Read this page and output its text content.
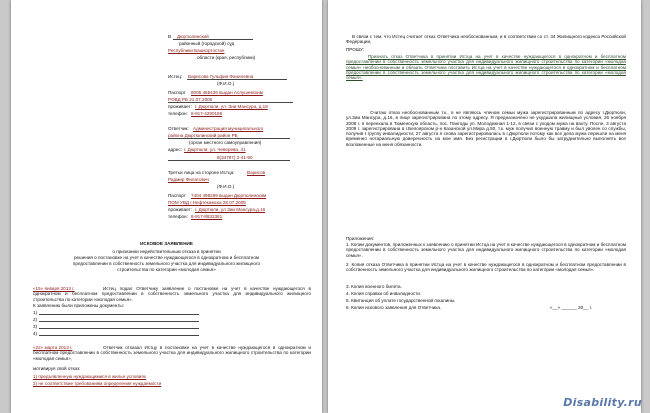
В Дюртюлинский
районный (городской) суд
Республики Башкортостан
области (края, республики)
Истец: Варисова Гульфия Фанилевна
(Ф.И.О.)
Паспорт 8005 465426 выдан Аслушевским
РОВД РБ 21.07.2006
проживает: г. Дюртюли, ул. Зии Мансура, д.18
телефон: 8-917-4290186
Ответчик: Администрация муниципального
района Дюртюлинский район РБ
(орган местного самоуправления)
адрес: г. Дюртюли, ул. Чеверева, 41
8(34787) 2-41-90
Третьи лица на стороне Истца:	Варисов
Радмир Филатович
(Ф.И.О.)
Паспорт 7404 498269 выдан Дюртюлинским
ПОМ УВД г.Нефтекамска 28.07.2005
проживает: г. Дюртюли, ул Зии Мансура,д.16
телефон: 8-917-8832361
ИСКОВОЕ ЗАЯВЛЕНИЕ
о признании недействительным отказа в принятии
решения о постановке на учет в качестве нуждающегося в однократном и бесплатном
предоставлении в собственность земельного участка для индивидуального жилищного
строительства по категории «молодая семья»
«15» января 2013 г.	Истец подал Ответчику заявление о постановке на учет в качестве нуждающегося в однократном и бесплатном предоставлении в собственность земельного участка для индивидуального жилищного строительства по категории «молодая семья».
К заявлению были приложены документы:
1)
2)
3)
4)
«22» марта 2013 г.	Ответчик отказал Истцу в постановке на учет в качестве нуждающегося в однократном и бесплатном предоставлении в собственность земельного участка для индивидуального жилищного строительства по категории «молодая семья»,
мотивируя свой отказ:
1) предъявленную нуждающимися в жилье условиях
2) не соответствие требованиям определения нуждаемости
В связи с тем, что Истец считает отказ Ответчика необоснованным, и в соответствии со ст. 34 Жилищного кодекса Российской Федерации,
ПРОШУ:
Признать отказ Ответчика в принятии Истца на учет в качестве нуждающегося в однократном и бесплатном предоставлении в собственность земельного участка для индивидуального жилищного строительства по категории «молодая семья» необоснованным и обязать Ответчика поставить Истца на учет в качестве нуждающегося в однократном и бесплатном предоставлении в собственность земельного участка для индивидуального жилищного строительства по категории «молодая семья».
Считаю отказ необоснованным т.к., я не являюсь членом семьи мужа зарегистрированным по адресу г.Дюртюли, ул.Зии Мансура, д.16, в лице зарегистрирована по этому адресу. Я предназначено не ухудшала жилищные условия. 26 ноября 2008 г. я переехала в Тюменскую область, пос. Пангоды ул. Молодежная 1-12, в связи с уходом мужа на вахту. После, 3 августа 2009 г. зарегистрирована в г.Белоярском р-н Казанской ул.Мира д.50, т.к. муж получил военную травму и был уволен со службы, получив I группу инвалидности; 27 августа я снова зарегистрировалась в г.Дюртюли потому как все дела мужа перешли на меня временно нотариальную доверенность на мое имя. Без регистрации в г.Дюртюли было бы затруднительно выполнять все возложенные на меня обязанности.
Приложения:
1. Копии документов, приложенных к заявлению о принятии Истца на учет в качестве нуждающегося в однократном и бесплатном предоставлении в собственность земельного участка для индивидуального жилищного строительства по категории «молодая семья».
2. Копия отказа Ответчика в принятии Истца на учет в качестве нуждающегося в однократном и бесплатном предоставлении в собственность земельного участка для индивидуального жилищного строительства по категории «молодая семья».
3. Копия военного билета.
4. Копия справки об инвалидности.
5. Квитанция об уплате государственной пошлины.
6. Копия искового заявления для Ответчика.	«__» ______ 20__ г.
Disability.ru
